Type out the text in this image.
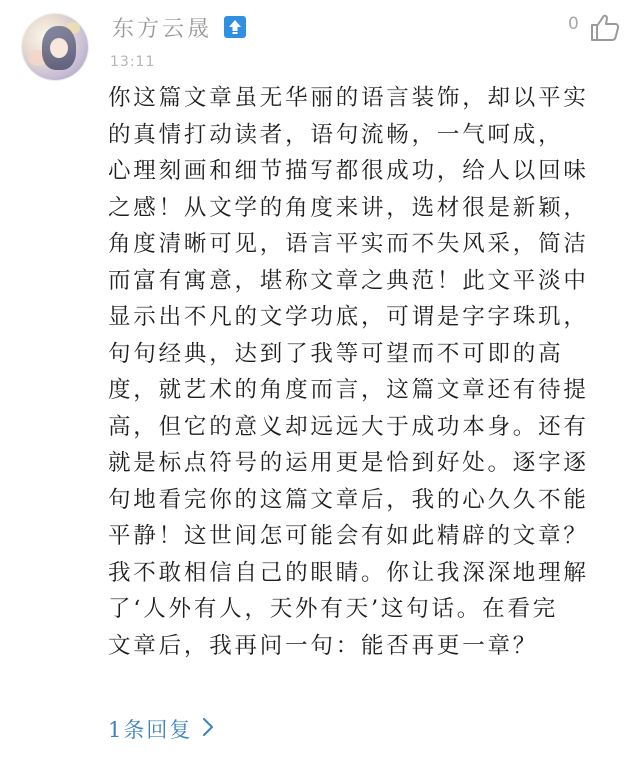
东方云晟
13:11
0

你这篇文章虽无华丽的语言装饰，却以平实

的真情打动读者，语句流畅，一气呵成，

心理刻画和细节描写都很成功，给人以回味

之感！从文学的角度来讲，选材很是新颖，

角度清晰可见，语言平实而不失风采，简洁

而富有寓意，堪称文章之典范！此文平淡中

显示出不凡的文学功底，可谓是字字珠玑，

句句经典，达到了我等可望而不可即的高

度，就艺术的角度而言，这篇文章还有待提

高，但它的意义却远远大于成功本身。还有

就是标点符号的运用更是恰到好处。逐字逐

句地看完你的这篇文章后，我的心久久不能

平静！这世间怎可能会有如此精辟的文章？

我不敢相信自己的眼睛。你让我深深地理解

了‘人外有人，天外有天’这句话。在看完

文章后，我再问一句：能否再更一章？

1条回复
